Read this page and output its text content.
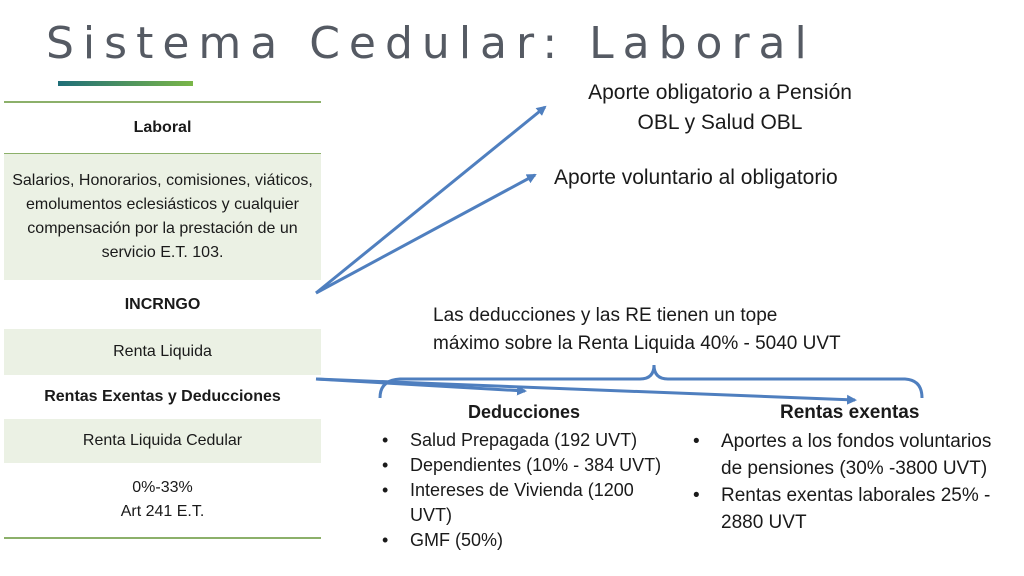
Sistema Cedular: Laboral
Laboral
Salarios, Honorarios, comisiones, viáticos, emolumentos eclesiásticos y cualquier compensación por la prestación de un servicio E.T. 103.
INCRNGO
Renta Liquida
Rentas Exentas y Deducciones
Renta Liquida Cedular
0%-33%
Art 241 E.T.
Aporte obligatorio a Pensión
OBL y Salud OBL
Aporte voluntario al obligatorio
Las deducciones y las RE tienen un tope
máximo sobre la Renta Liquida 40% - 5040 UVT
Deducciones
• Salud Prepagada (192 UVT)
• Dependientes (10% - 384 UVT)
• Intereses de Vivienda (1200 UVT)
• GMF (50%)
Rentas exentas
• Aportes a los fondos voluntarios de pensiones (30% -3800 UVT)
• Rentas exentas laborales 25% - 2880 UVT
